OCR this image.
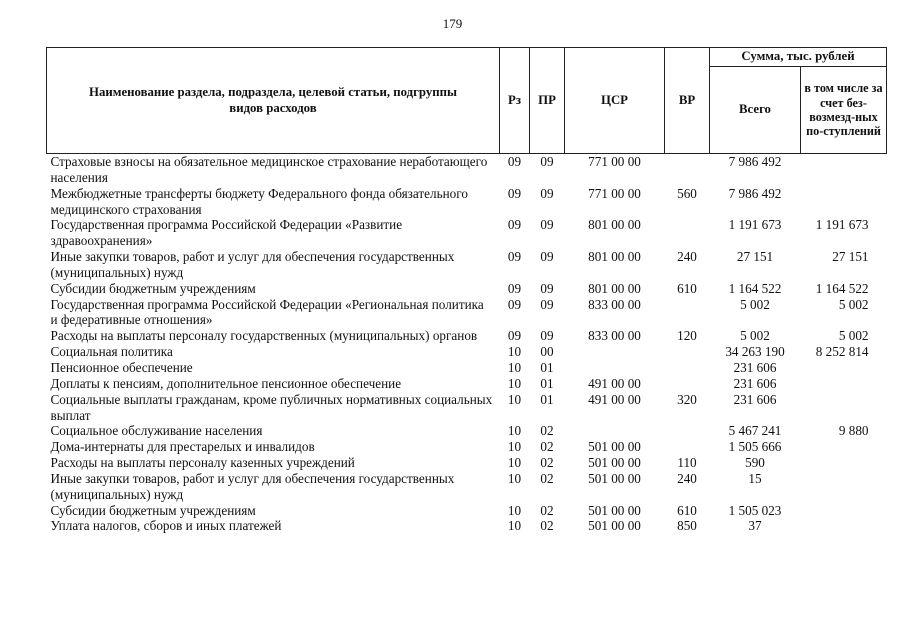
179
Наименование раздела, подраздела, целевой статьи, подгруппы видов расходов	Рз	ПР	ЦСР	ВР	Сумма, тыс. рублей	
					Всего	в том числе за счет без-возмезд-ных по-ступлений
Страховые взносы на обязательное медицинское страхование неработающего населения	09	09	771 00 00		7 986 492	
Межбюджетные трансферты бюджету Федерального фонда обязательного медицинского страхования	09	09	771 00 00	560	7 986 492	
Государственная программа Российской Федерации «Развитие здравоохранения»	09	09	801 00 00		1 191 673	1 191 673
Иные закупки товаров, работ и услуг для обеспечения государственных (муниципальных) нужд	09	09	801 00 00	240	27 151	27 151
Субсидии бюджетным учреждениям	09	09	801 00 00	610	1 164 522	1 164 522
Государственная программа Российской Федерации «Региональная политика и федеративные отношения»	09	09	833 00 00		5 002	5 002
Расходы на выплаты персоналу государственных (муниципальных) органов	09	09	833 00 00	120	5 002	5 002
Социальная политика	10	00			34 263 190	8 252 814
Пенсионное обеспечение	10	01			231 606	
Доплаты к пенсиям, дополнительное пенсионное обеспечение	10	01	491 00 00		231 606	
Социальные выплаты гражданам, кроме публичных нормативных социальных выплат	10	01	491 00 00	320	231 606	
Социальное обслуживание населения	10	02			5 467 241	9 880
Дома-интернаты для престарелых и инвалидов	10	02	501 00 00		1 505 666	
Расходы на выплаты персоналу казенных учреждений	10	02	501 00 00	110	590	
Иные закупки товаров, работ и услуг для обеспечения государственных (муниципальных) нужд	10	02	501 00 00	240	15	
Субсидии бюджетным учреждениям	10	02	501 00 00	610	1 505 023	
Уплата налогов, сборов и иных платежей	10	02	501 00 00	850	37	
